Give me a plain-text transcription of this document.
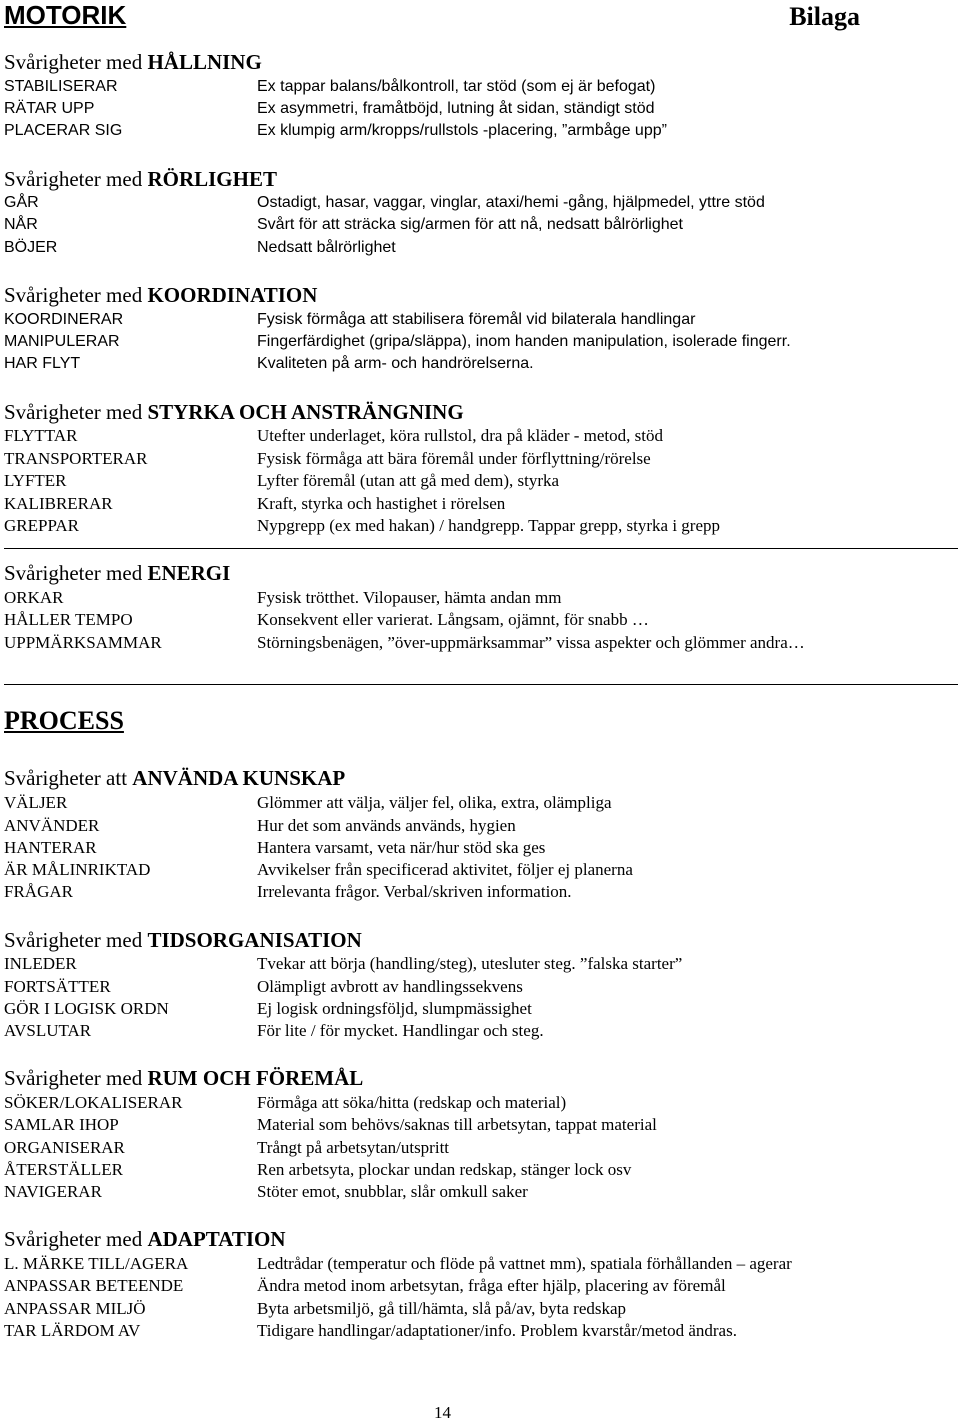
MOTORIK	Bilaga
Svårigheter med HÅLLNING
STABILISERAR	Ex tappar balans/bålkontroll, tar stöd (som ej är befogat)
RÄTAR UPP	Ex asymmetri, framåtböjd, lutning åt sidan, ständigt stöd
PLACERAR SIG	Ex klumpig arm/kropps/rullstols -placering, ”armbåge upp”
Svårigheter med RÖRLIGHET
GÅR	Ostadigt, hasar, vaggar, vinglar, ataxi/hemi -gång, hjälpmedel, yttre stöd
NÅR	Svårt för att sträcka sig/armen för att nå, nedsatt bålrörlighet
BÖJER	Nedsatt bålrörlighet
Svårigheter med KOORDINATION
KOORDINERAR	Fysisk förmåga att stabilisera föremål vid bilaterala handlingar
MANIPULERAR	Fingerfärdighet (gripa/släppa), inom handen manipulation, isolerade fingerr.
HAR FLYT	Kvaliteten på arm- och handrörelserna.
Svårigheter med STYRKA OCH ANSTRÄNGNING
FLYTTAR	Utefter underlaget, köra rullstol, dra på kläder - metod, stöd
TRANSPORTERAR	Fysisk förmåga att bära föremål under förflyttning/rörelse
LYFTER	Lyfter föremål (utan att gå med dem), styrka
KALIBRERAR	Kraft, styrka och hastighet i rörelsen
GREPPAR	Nypgrepp (ex med hakan) / handgrepp. Tappar grepp, styrka i grepp
Svårigheter med ENERGI
ORKAR	Fysisk trötthet. Vilopauser, hämta andan mm
HÅLLER TEMPO	Konsekvent eller varierat. Långsam, ojämnt, för snabb …
UPPMÄRKSAMMAR	Störningsbenägen, ”över-uppmärksammar” vissa aspekter och glömmer andra…
PROCESS
Svårigheter att ANVÄNDA KUNSKAP
VÄLJER	Glömmer att välja, väljer fel, olika, extra, olämpliga
ANVÄNDER	Hur det som används används, hygien
HANTERAR	Hantera varsamt, veta när/hur stöd ska ges
ÄR MÅLINRIKTAD	Avvikelser från specificerad aktivitet, följer ej planerna
FRÅGAR	Irrelevanta frågor. Verbal/skriven information.
Svårigheter med TIDSORGANISATION
INLEDER	Tvekar att börja (handling/steg), utesluter steg. ”falska starter”
FORTSÄTTER	Olämpligt avbrott av handlingssekvens
GÖR I LOGISK ORDN	Ej logisk ordningsföljd, slumpmässighet
AVSLUTAR	För lite / för mycket. Handlingar och steg.
Svårigheter med RUM OCH FÖREMÅL
SÖKER/LOKALISERAR	Förmåga att söka/hitta (redskap och material)
SAMLAR IHOP	Material som behövs/saknas till arbetsytan, tappat material
ORGANISERAR	Trångt på arbetsytan/utspritt
ÅTERSTÄLLER	Ren arbetsyta, plockar undan redskap, stänger lock osv
NAVIGERAR	Stöter emot, snubblar, slår omkull saker
Svårigheter med ADAPTATION
L. MÄRKE TILL/AGERA	Ledtrådar (temperatur och flöde på vattnet mm), spatiala förhållanden – agerar
ANPASSAR BETEENDE	Ändra metod inom arbetsytan, fråga efter hjälp, placering av föremål
ANPASSAR MILJÖ	Byta arbetsmiljö, gå till/hämta, slå på/av, byta redskap
TAR LÄRDOM AV	Tidigare handlingar/adaptationer/info. Problem kvarstår/metod ändras.
14
